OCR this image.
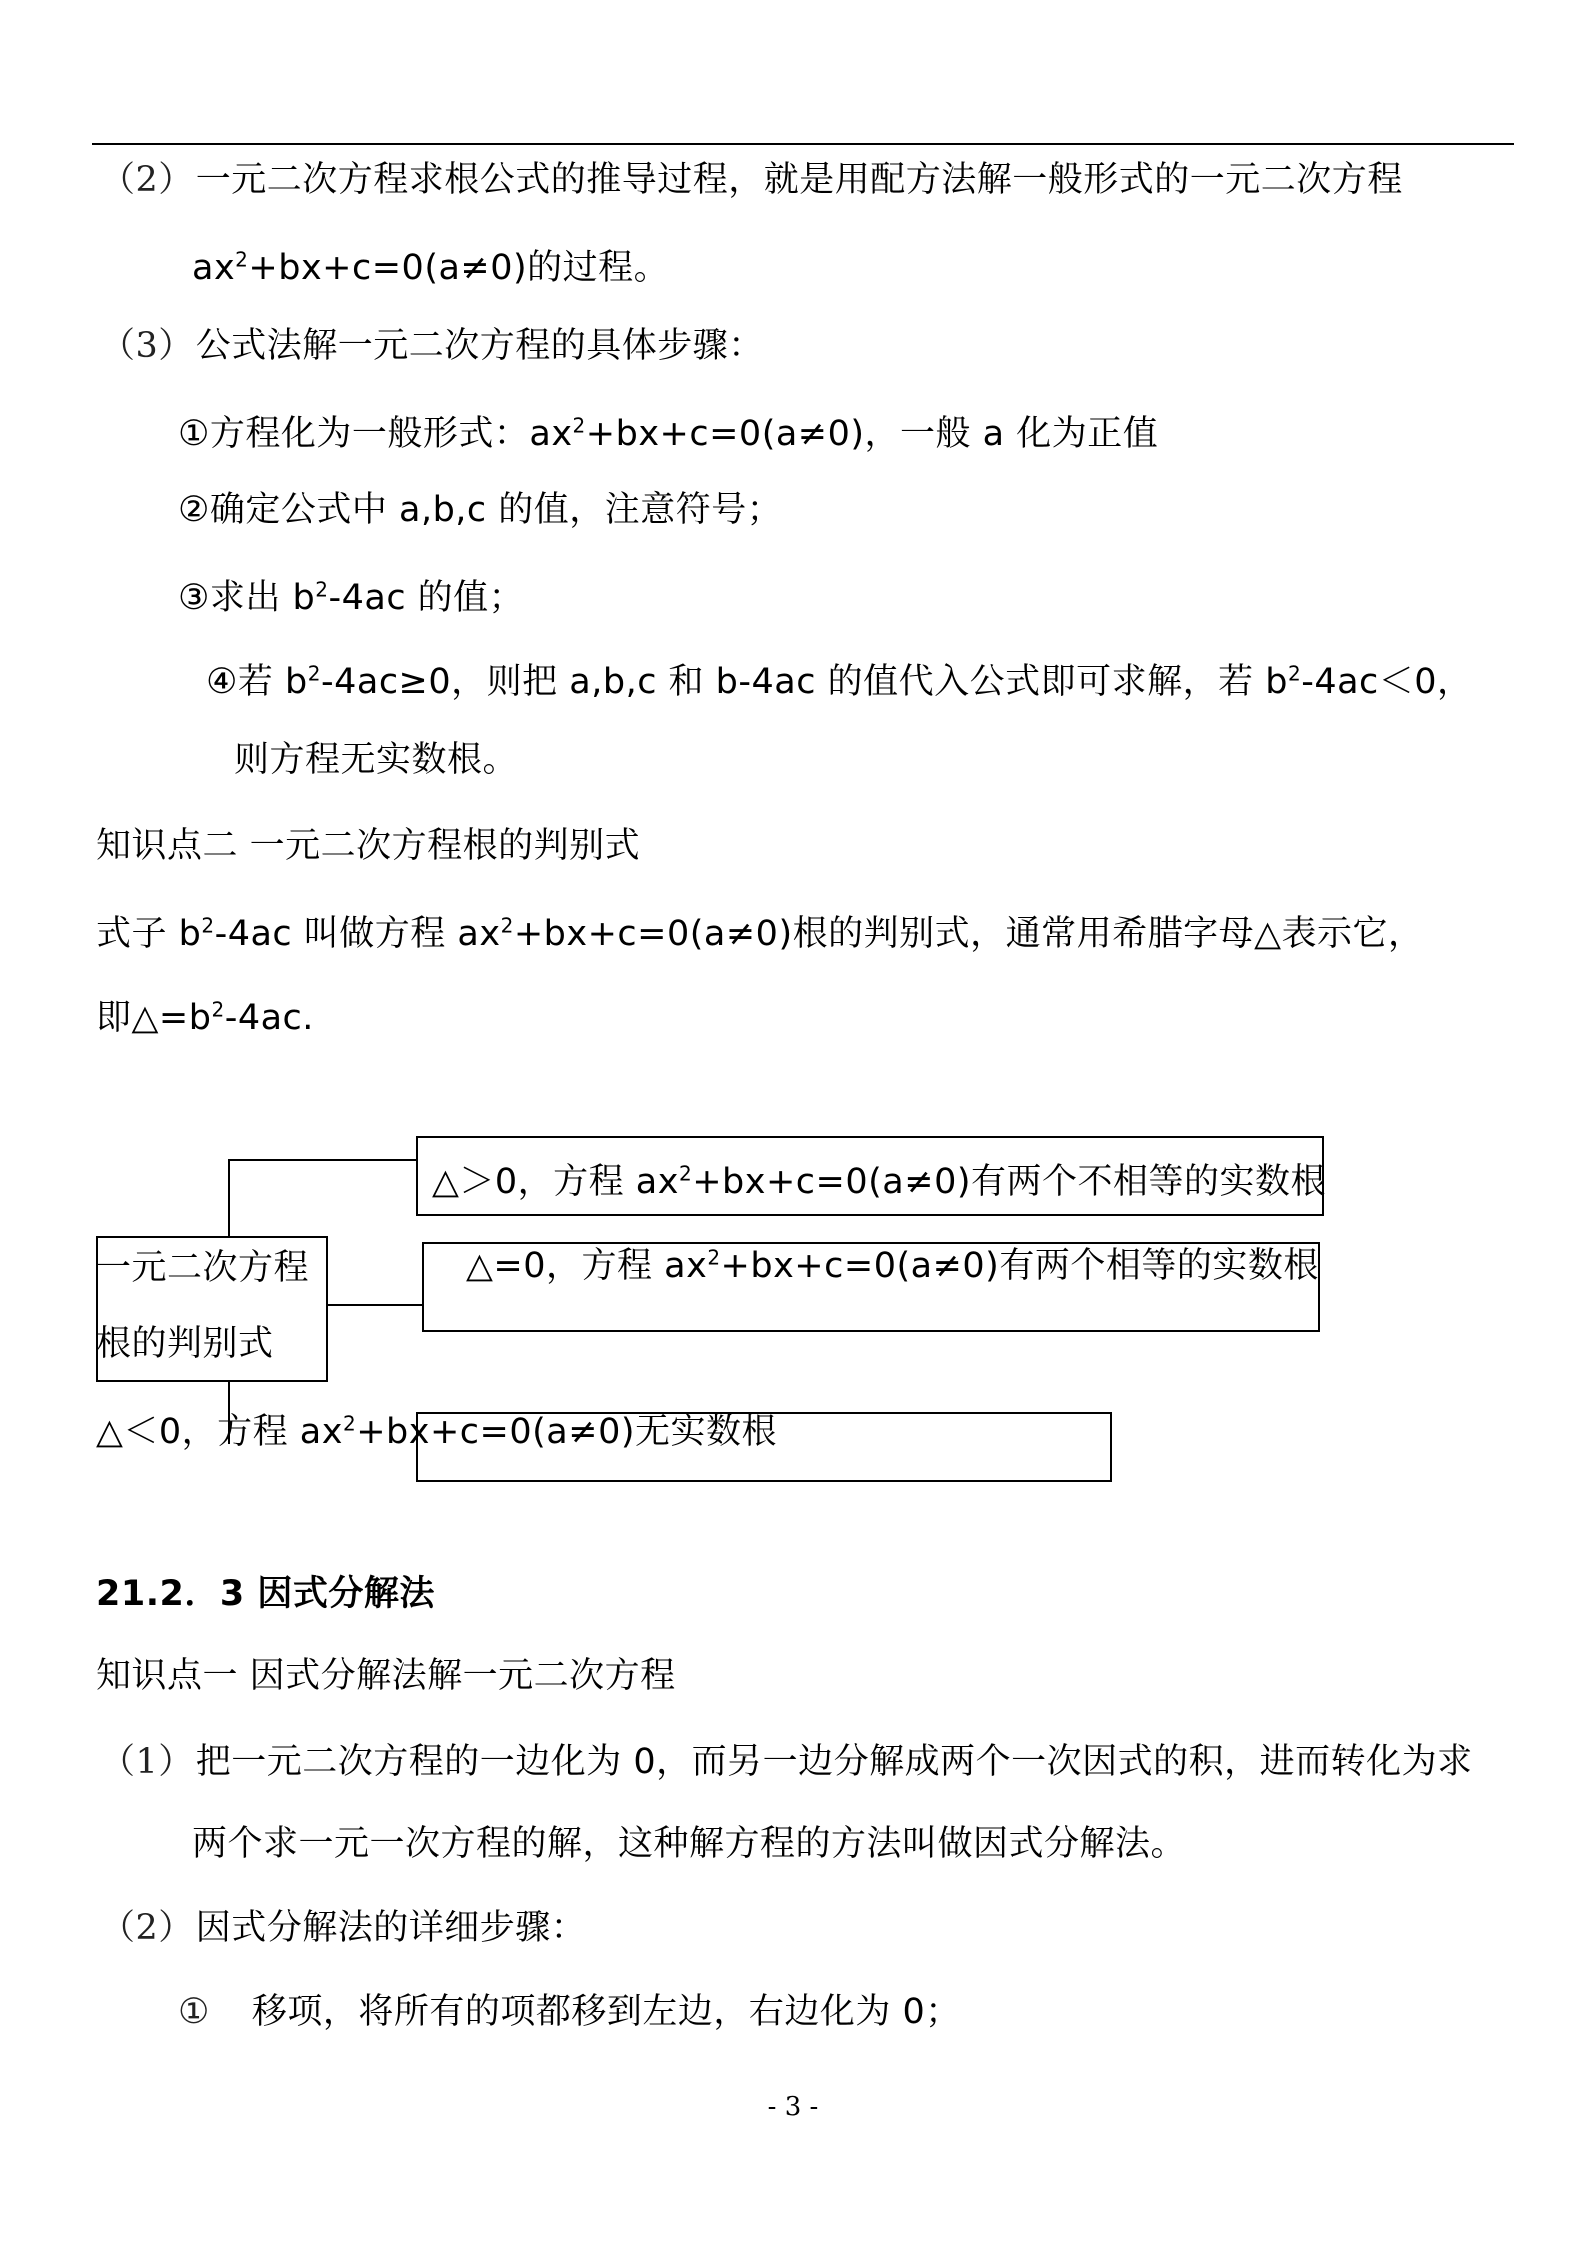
（2）一元二次方程求根公式的推导过程，就是用配方法解一般形式的一元二次方程
$ax^2+bx+c=0(a\ne 0)$的过程。
（3）公式法解一元二次方程的具体步骤：
①方程化为一般形式：$ax^2+bx+c=0(a\ne 0)$，一般 a 化为正值
②确定公式中 a,b,c 的值，注意符号；
③求出 $b^2-4ac$ 的值；
④若 $b^2-4ac\ge 0$，则把 a,b,c 和 b-4ac 的值代入公式即可求解，若 $b^2-4ac<0$，
则方程无实数根。
知识点二 一元二次方程根的判别式
式子 $b^2-4ac$ 叫做方程 $ax^2+bx+c=0(a\ne 0)$根的判别式，通常用希腊字母△表示它，
即$\triangle=b^2-4ac$.
一元二次方程
根的判别式
△＞0，方程 $ax^2+bx+c=0(a\ne 0)$有两个不相等的实数根
△=0，方程 $ax^2+bx+c=0(a\ne 0)$有两个相等的实数根
△＜0，方程 $ax^2+bx+c=0(a\ne 0)$无实数根
21.2．3 因式分解法
知识点一 因式分解法解一元二次方程
（1）把一元二次方程的一边化为 0，而另一边分解成两个一次因式的积，进而转化为求
两个求一元一次方程的解，这种解方程的方法叫做因式分解法。
（2）因式分解法的详细步骤：
① 移项，将所有的项都移到左边，右边化为 0；
- 3 -
